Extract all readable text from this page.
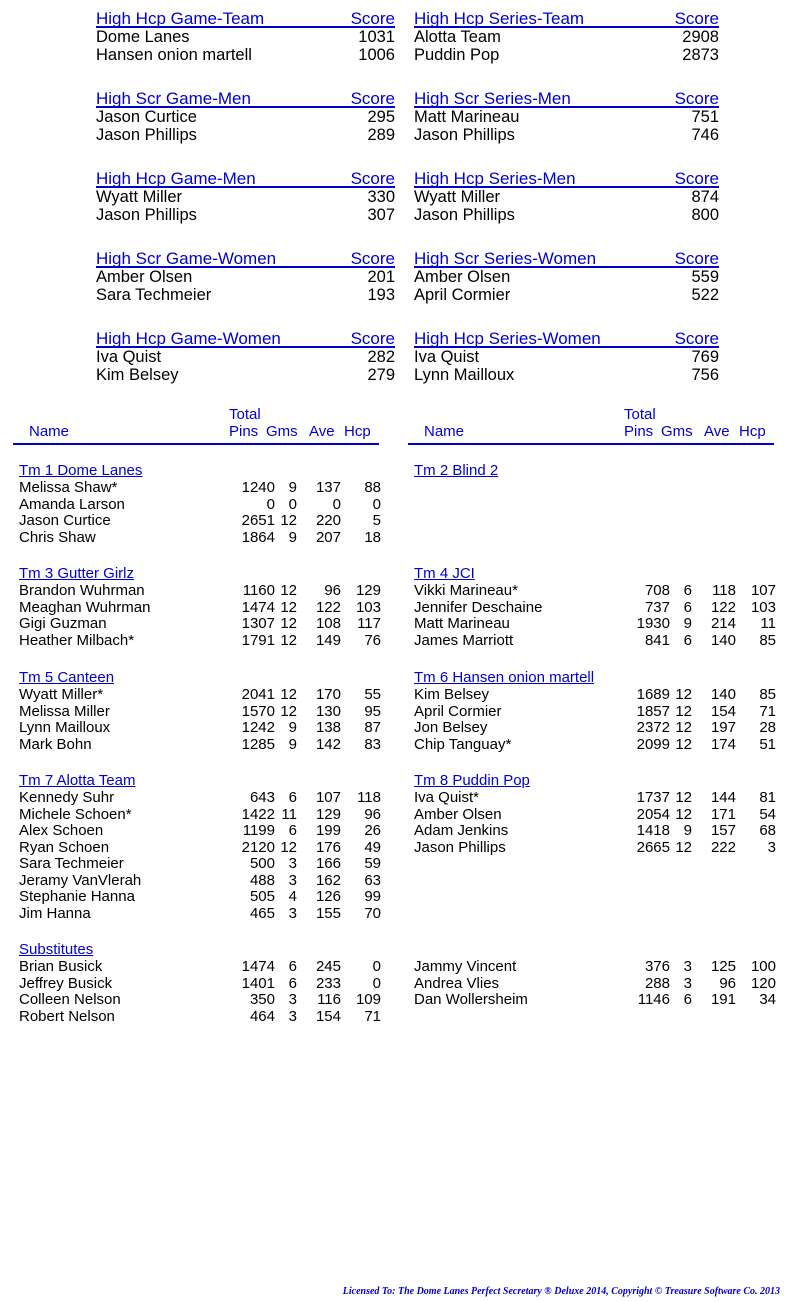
High Hcp Game-Team	Score
Dome Lanes	1031
Hansen onion martell	1006
High Hcp Series-Team	Score
Alotta Team	2908
Puddin Pop	2873
High Scr Game-Men	Score
Jason Curtice	295
Jason Phillips	289
High Scr Series-Men	Score
Matt Marineau	751
Jason Phillips	746
High Hcp Game-Men	Score
Wyatt Miller	330
Jason Phillips	307
High Hcp Series-Men	Score
Wyatt Miller	874
Jason Phillips	800
High Scr Game-Women	Score
Amber Olsen	201
Sara Techmeier	193
High Scr Series-Women	Score
Amber Olsen	559
April Cormier	522
High Hcp Game-Women	Score
Iva Quist	282
Kim Belsey	279
High Hcp Series-Women	Score
Iva Quist	769
Lynn Mailloux	756
Name
Total
Pins Gms Ave Hcp	Name
Total
Pins Gms Ave Hcp
Tm 1 Dome Lanes
Melissa Shaw*	1240 9 137 88
Amanda Larson	0 0 0 0
Jason Curtice	2651 12 220 5
Chris Shaw	1864 9 207 18
Tm 2 Blind 2
Tm 3 Gutter Girlz
Brandon Wuhrman	1160 12 96 129
Meaghan Wuhrman	1474 12 122 103
Gigi Guzman	1307 12 108 117
Heather Milbach*	1791 12 149 76
Tm 4 JCI
Vikki Marineau*	708 6 118 107
Jennifer Deschaine	737 6 122 103
Matt Marineau	1930 9 214 11
James Marriott	841 6 140 85
Tm 5 Canteen
Wyatt Miller*	2041 12 170 55
Melissa Miller	1570 12 130 95
Lynn Mailloux	1242 9 138 87
Mark Bohn	1285 9 142 83
Tm 6 Hansen onion martell
Kim Belsey	1689 12 140 85
April Cormier	1857 12 154 71
Jon Belsey	2372 12 197 28
Chip Tanguay*	2099 12 174 51
Tm 7 Alotta Team
Kennedy Suhr	643 6 107 118
Michele Schoen*	1422 11 129 96
Alex Schoen	1199 6 199 26
Ryan Schoen	2120 12 176 49
Sara Techmeier	500 3 166 59
Jeramy VanVlerah	488 3 162 63
Stephanie Hanna	505 4 126 99
Jim Hanna	465 3 155 70
Tm 8 Puddin Pop
Iva Quist*	1737 12 144 81
Amber Olsen	2054 12 171 54
Adam Jenkins	1418 9 157 68
Jason Phillips	2665 12 222 3
Substitutes
Brian Busick	1474 6 245 0
Jeffrey Busick	1401 6 233 0
Colleen Nelson	350 3 116 109
Robert Nelson	464 3 154 71
Jammy Vincent	376 3 125 100
Andrea Vlies	288 3 96 120
Dan Wollersheim	1146 6 191 34
Licensed To: The Dome Lanes Perfect Secretary ® Deluxe 2014, Copyright © Treasure Software Co. 2013
